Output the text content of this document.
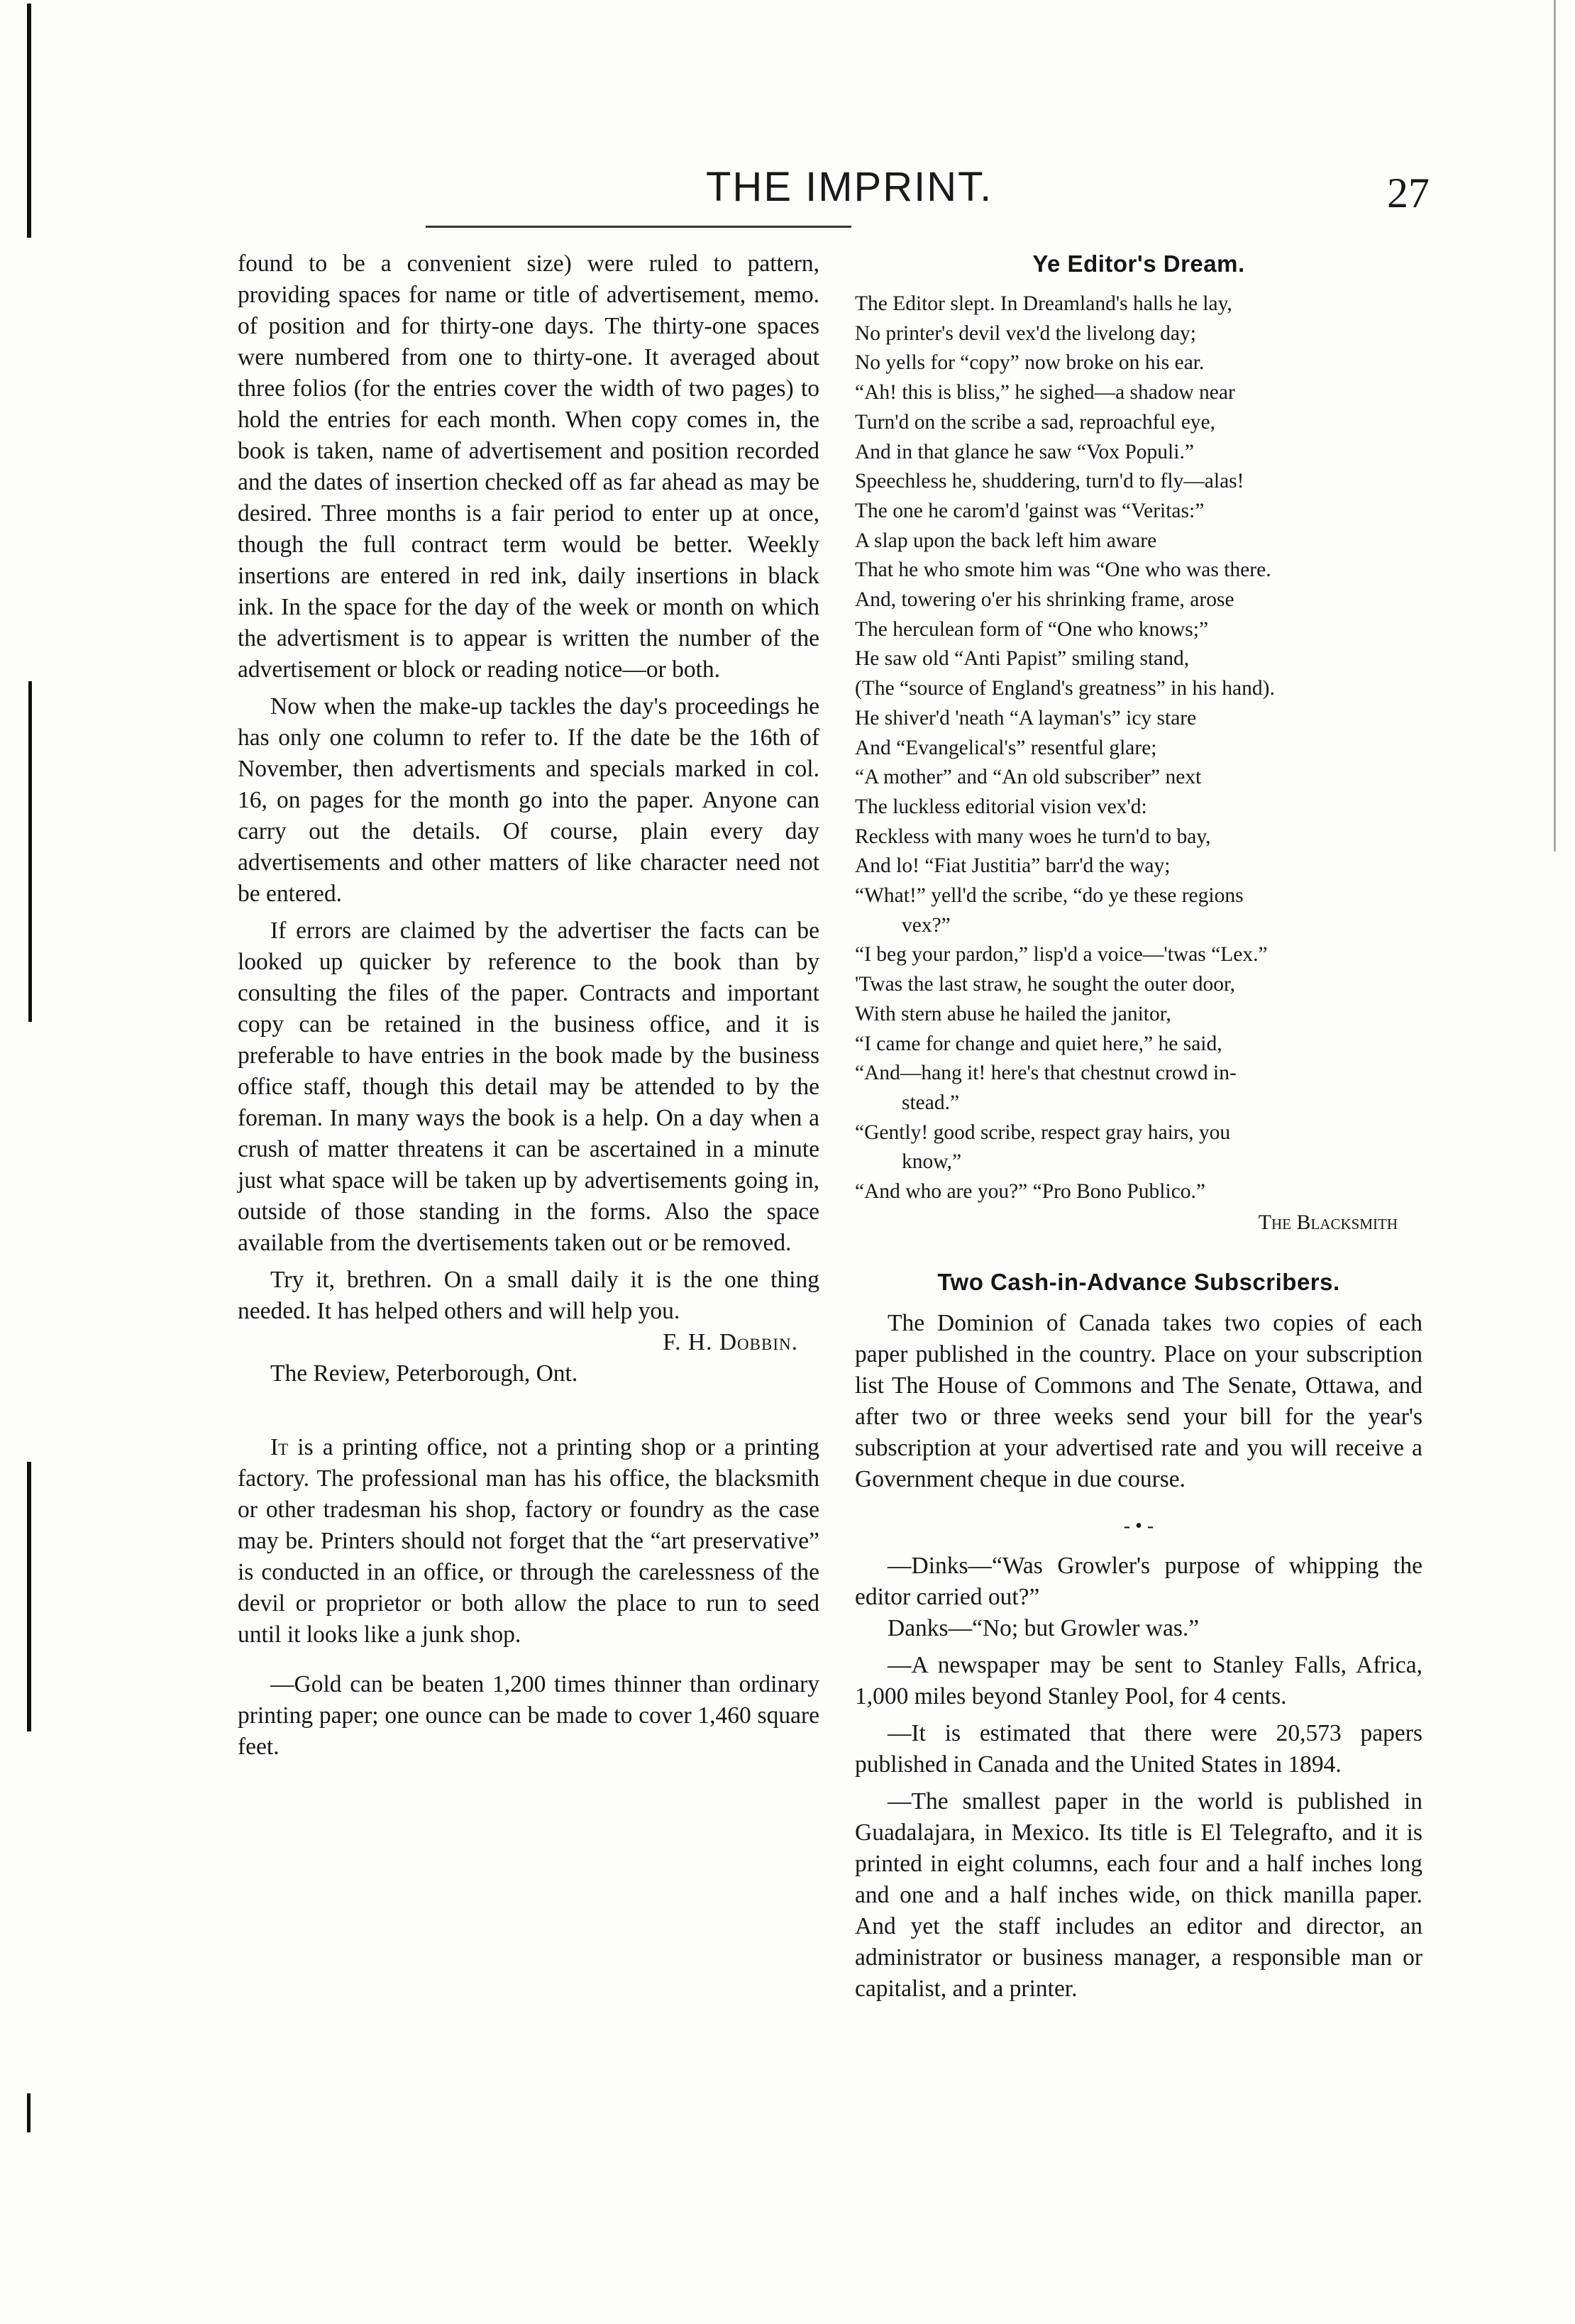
THE IMPRINT.	27

found to be a convenient size) were ruled to pattern, providing spaces for name or title of advertisement, memo. of position and for thirty-one days. The thirty-one spaces were numbered from one to thirty-one. It averaged about three folios (for the entries cover the width of two pages) to hold the entries for each month. When copy comes in, the book is taken, name of advertisement and position recorded and the dates of insertion checked off as far ahead as may be desired. Three months is a fair period to enter up at once, though the full contract term would be better. Weekly insertions are entered in red ink, daily insertions in black ink. In the space for the day of the week or month on which the advertisment is to appear is written the number of the advertisement or block or reading notice—or both.

Now when the make-up tackles the day's proceedings he has only one column to refer to. If the date be the 16th of November, then advertisments and specials marked in col. 16, on pages for the month go into the paper. Anyone can carry out the details. Of course, plain every day advertisements and other matters of like character need not be entered.

If errors are claimed by the advertiser the facts can be looked up quicker by reference to the book than by consulting the files of the paper. Contracts and important copy can be retained in the business office, and it is preferable to have entries in the book made by the business office staff, though this detail may be attended to by the foreman. In many ways the book is a help. On a day when a crush of matter threatens it can be ascertained in a minute just what space will be taken up by advertisements going in, outside of those standing in the forms. Also the space available from the dvertisements taken out or be removed.

Try it, brethren. On a small daily it is the one thing needed. It has helped others and will help you.

F. H. Dobbin.

The Review, Peterborough, Ont.

It is a printing office, not a printing shop or a printing factory. The professional man has his office, the blacksmith or other tradesman his shop, factory or foundry as the case may be. Printers should not forget that the “art preservative” is conducted in an office, or through the carelessness of the devil or proprietor or both allow the place to run to seed until it looks like a junk shop.

—Gold can be beaten 1,200 times thinner than ordinary printing paper; one ounce can be made to cover 1,460 square feet.

Ye Editor's Dream.
The Editor slept. In Dreamland's halls he lay,
No printer's devil vex'd the livelong day;
No yells for “copy” now broke on his ear.
“Ah! this is bliss,” he sighed—a shadow near
Turn'd on the scribe a sad, reproachful eye,
And in that glance he saw “Vox Populi.”
Speechless he, shuddering, turn'd to fly—alas!
The one he carom'd 'gainst was “Veritas:”
A slap upon the back left him aware
That he who smote him was “One who was there.
And, towering o'er his shrinking frame, arose
The herculean form of “One who knows;”
He saw old “Anti Papist” smiling stand,
(The “source of England's greatness” in his hand).
He shiver'd 'neath “A layman's” icy stare
And “Evangelical's” resentful glare;
“A mother” and “An old subscriber” next
The luckless editorial vision vex'd:
Reckless with many woes he turn'd to bay,
And lo! “Fiat Justitia” barr'd the way;
“What!” yell'd the scribe, “do ye these regions
vex?”
“I beg your pardon,” lisp'd a voice—'twas “Lex.”
'Twas the last straw, he sought the outer door,
With stern abuse he hailed the janitor,
“I came for change and quiet here,” he said,
“And—hang it! here's that chestnut crowd in-
stead.”
“Gently! good scribe, respect gray hairs, you
know,”
“And who are you?” “Pro Bono Publico.”

The Blacksmith

Two Cash-in-Advance Subscribers.

The Dominion of Canada takes two copies of each paper published in the country. Place on your subscription list The House of Commons and The Senate, Ottawa, and after two or three weeks send your bill for the year's subscription at your advertised rate and you will receive a Government cheque in due course.

- • -

—Dinks—“Was Growler's purpose of whipping the editor carried out?”

Danks—“No; but Growler was.”

—A newspaper may be sent to Stanley Falls, Africa, 1,000 miles beyond Stanley Pool, for 4 cents.

—It is estimated that there were 20,573 papers published in Canada and the United States in 1894.

—The smallest paper in the world is published in Guadalajara, in Mexico. Its title is El Telegrafto, and it is printed in eight columns, each four and a half inches long and one and a half inches wide, on thick manilla paper. And yet the staff includes an editor and director, an administrator or business manager, a responsible man or capitalist, and a printer.
